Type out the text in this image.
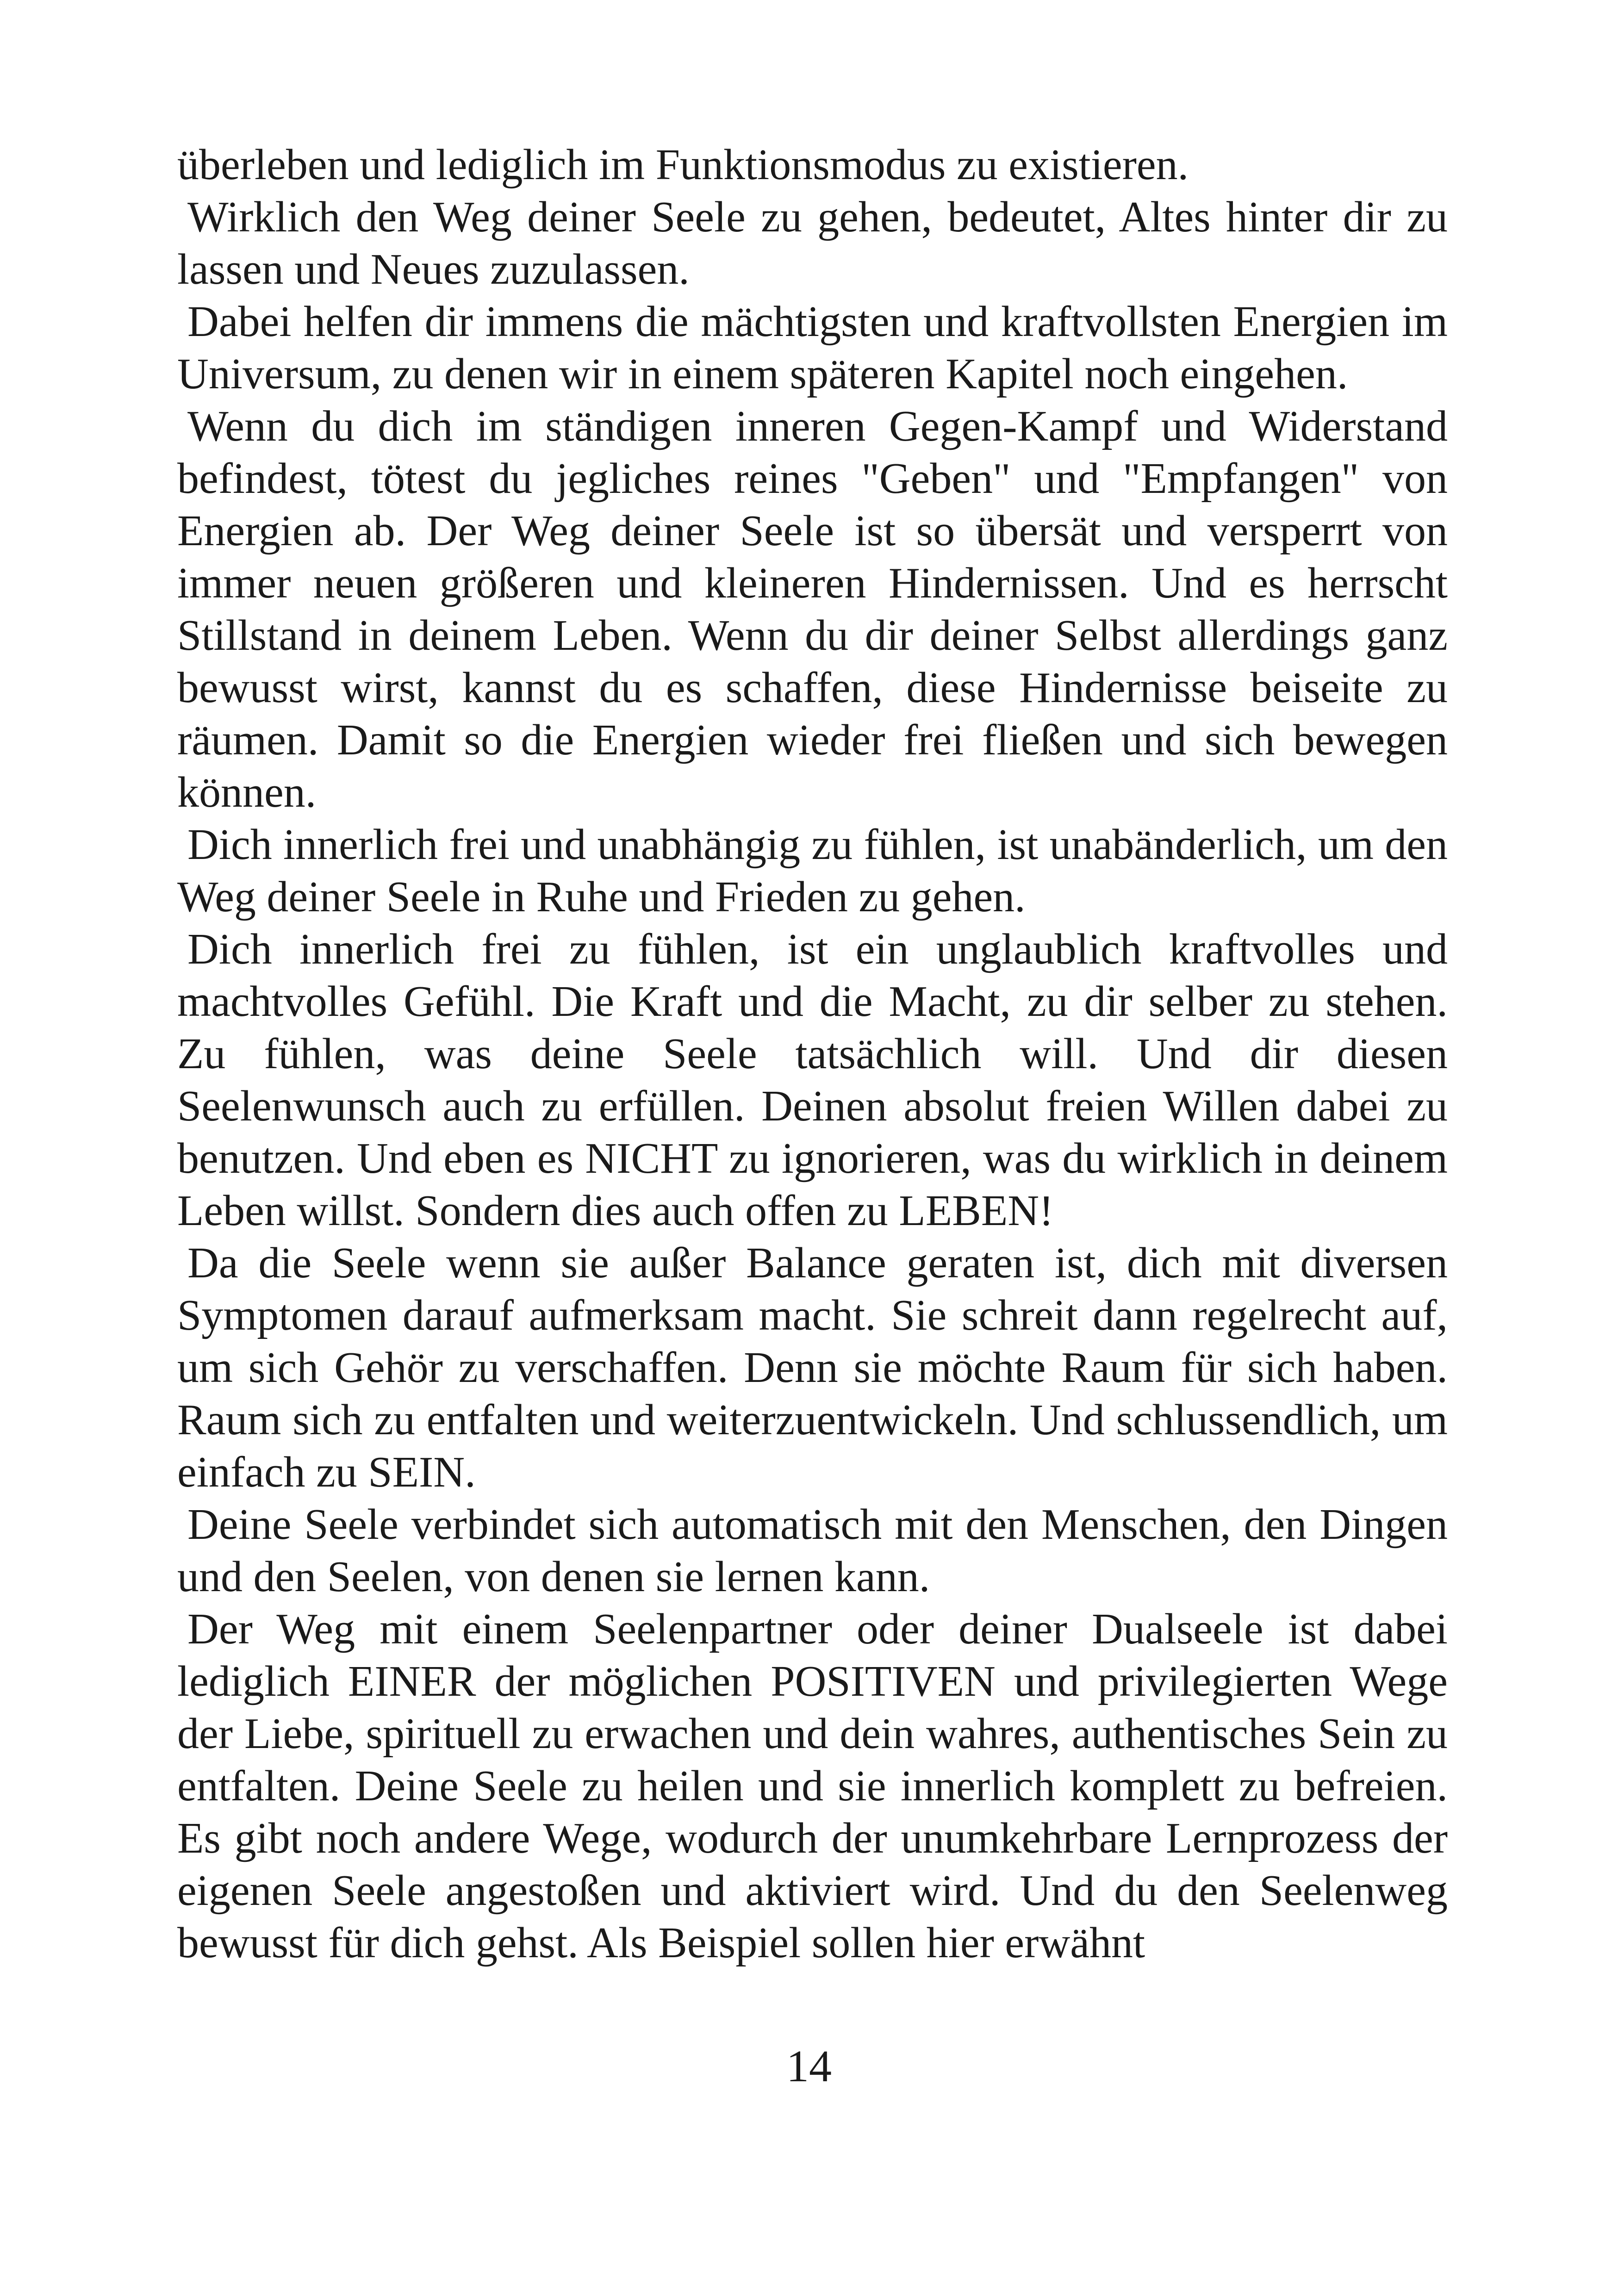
überleben und lediglich im Funktionsmodus zu existieren.

Wirklich den Weg deiner Seele zu gehen, bedeutet, Altes hinter dir zu lassen und Neues zuzulassen.

Dabei helfen dir immens die mächtigsten und kraftvollsten Energien im Universum, zu denen wir in einem späteren Kapitel noch eingehen.

Wenn du dich im ständigen inneren Gegen-Kampf und Widerstand befindest, tötest du jegliches reines "Geben" und "Empfangen" von Energien ab. Der Weg deiner Seele ist so übersät und versperrt von immer neuen größeren und kleineren Hindernissen. Und es herrscht Stillstand in deinem Leben. Wenn du dir deiner Selbst allerdings ganz bewusst wirst, kannst du es schaffen, diese Hindernisse beiseite zu räumen. Damit so die Energien wieder frei fließen und sich bewegen können.

Dich innerlich frei und unabhängig zu fühlen, ist unabänderlich, um den Weg deiner Seele in Ruhe und Frieden zu gehen.

Dich innerlich frei zu fühlen, ist ein unglaublich kraftvolles und machtvolles Gefühl. Die Kraft und die Macht, zu dir selber zu stehen. Zu fühlen, was deine Seele tatsächlich will. Und dir diesen Seelenwunsch auch zu erfüllen. Deinen absolut freien Willen dabei zu benutzen. Und eben es NICHT zu ignorieren, was du wirklich in deinem Leben willst. Sondern dies auch offen zu LEBEN!

Da die Seele wenn sie außer Balance geraten ist, dich mit diversen Symptomen darauf aufmerksam macht. Sie schreit dann regelrecht auf, um sich Gehör zu verschaffen. Denn sie möchte Raum für sich haben. Raum sich zu entfalten und weiterzuentwickeln. Und schlussendlich, um einfach zu SEIN.

Deine Seele verbindet sich automatisch mit den Menschen, den Dingen und den Seelen, von denen sie lernen kann.

Der Weg mit einem Seelenpartner oder deiner Dualseele ist dabei lediglich EINER der möglichen POSITIVEN und privilegierten Wege der Liebe, spirituell zu erwachen und dein wahres, authentisches Sein zu entfalten. Deine Seele zu heilen und sie innerlich komplett zu befreien. Es gibt noch andere Wege, wodurch der unumkehrbare Lernprozess der eigenen Seele angestoßen und aktiviert wird. Und du den Seelenweg bewusst für dich gehst. Als Beispiel sollen hier erwähnt

14
